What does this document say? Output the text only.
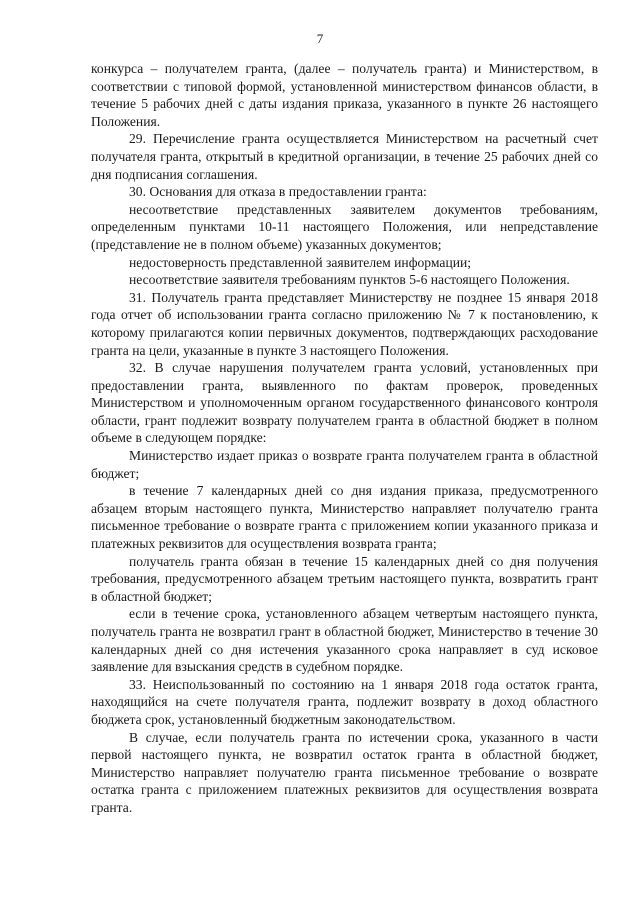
7

конкурса – получателем гранта, (далее – получатель гранта) и Министерством, в соответствии с типовой формой, установленной министерством финансов области, в течение 5 рабочих дней с даты издания приказа, указанного в пункте 26 настоящего Положения.

29. Перечисление гранта осуществляется Министерством на расчетный счет получателя гранта, открытый в кредитной организации, в течение 25 рабочих дней со дня подписания соглашения.

30. Основания для отказа в предоставлении гранта:

несоответствие представленных заявителем документов требованиям, определенным пунктами 10-11 настоящего Положения, или непредставление (представление не в полном объеме) указанных документов;

недостоверность представленной заявителем информации;

несоответствие заявителя требованиям пунктов 5-6 настоящего Положения.

31. Получатель гранта представляет Министерству не позднее 15 января 2018 года отчет об использовании гранта согласно приложению № 7 к постановлению, к которому прилагаются копии первичных документов, подтверждающих расходование гранта на цели, указанные в пункте 3 настоящего Положения.

32. В случае нарушения получателем гранта условий, установленных при предоставлении гранта, выявленного по фактам проверок, проведенных Министерством и уполномоченным органом государственного финансового контроля области, грант подлежит возврату получателем гранта в областной бюджет в полном объеме в следующем порядке:

Министерство издает приказ о возврате гранта получателем гранта в областной бюджет;

в течение 7 календарных дней со дня издания приказа, предусмотренного абзацем вторым настоящего пункта, Министерство направляет получателю гранта письменное требование о возврате гранта с приложением копии указанного приказа и платежных реквизитов для осуществления возврата гранта;

получатель гранта обязан в течение 15 календарных дней со дня получения требования, предусмотренного абзацем третьим настоящего пункта, возвратить грант в областной бюджет;

если в течение срока, установленного абзацем четвертым настоящего пункта, получатель гранта не возвратил грант в областной бюджет, Министерство в течение 30 календарных дней со дня истечения указанного срока направляет в суд исковое заявление для взыскания средств в судебном порядке.

33. Неиспользованный по состоянию на 1 января 2018 года остаток гранта, находящийся на счете получателя гранта, подлежит возврату в доход областного бюджета срок, установленный бюджетным законодательством.

В случае, если получатель гранта по истечении срока, указанного в части первой настоящего пункта, не возвратил остаток гранта в областной бюджет, Министерство направляет получателю гранта письменное требование о возврате остатка гранта с приложением платежных реквизитов для осуществления возврата гранта.
